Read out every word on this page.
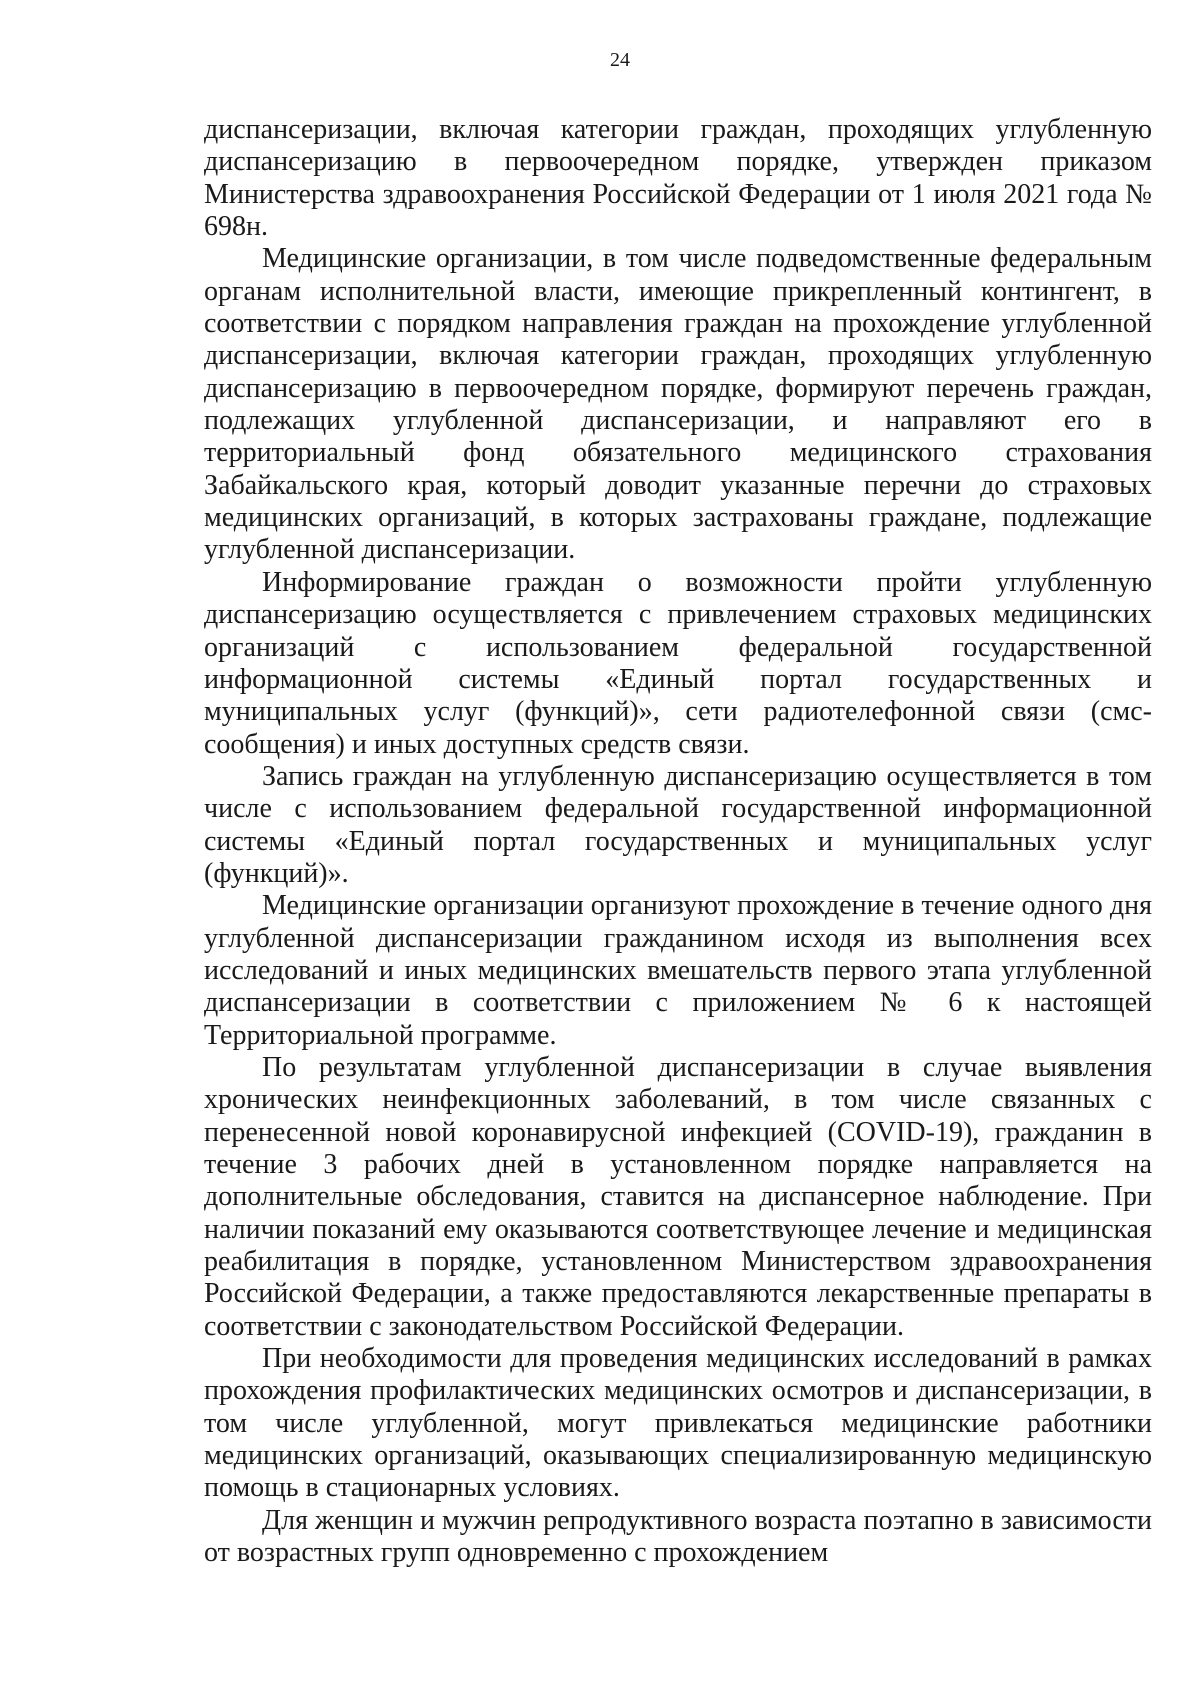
24

диспансеризации, включая категории граждан, проходящих углубленную диспансеризацию в первоочередном порядке, утвержден приказом Министерства здравоохранения Российской Федерации от 1 июля 2021 года № 698н.

Медицинские организации, в том числе подведомственные федеральным органам исполнительной власти, имеющие прикрепленный контингент, в соответствии с порядком направления граждан на прохождение углубленной диспансеризации, включая категории граждан, проходящих углубленную диспансеризацию в первоочередном порядке, формируют перечень граждан, подлежащих углубленной диспансеризации, и направляют его в территориальный фонд обязательного медицинского страхования Забайкальского края, который доводит указанные перечни до страховых медицинских организаций, в которых застрахованы граждане, подлежащие углубленной диспансеризации.

Информирование граждан о возможности пройти углубленную диспансеризацию осуществляется с привлечением страховых медицинских организаций с использованием федеральной государственной информационной системы «Единый портал государственных и муниципальных услуг (функций)», сети радиотелефонной связи (смс-сообщения) и иных доступных средств связи.

Запись граждан на углубленную диспансеризацию осуществляется в том числе с использованием федеральной государственной информационной системы «Единый портал государственных и муниципальных услуг (функций)».

Медицинские организации организуют прохождение в течение одного дня углубленной диспансеризации гражданином исходя из выполнения всех исследований и иных медицинских вмешательств первого этапа углубленной диспансеризации в соответствии с приложением № 6 к настоящей Территориальной программе.

По результатам углубленной диспансеризации в случае выявления хронических неинфекционных заболеваний, в том числе связанных с перенесенной новой коронавирусной инфекцией (COVID-19), гражданин в течение 3 рабочих дней в установленном порядке направляется на дополнительные обследования, ставится на диспансерное наблюдение. При наличии показаний ему оказываются соответствующее лечение и медицинская реабилитация в порядке, установленном Министерством здравоохранения Российской Федерации, а также предоставляются лекарственные препараты в соответствии с законодательством Российской Федерации.

При необходимости для проведения медицинских исследований в рамках прохождения профилактических медицинских осмотров и диспансеризации, в том числе углубленной, могут привлекаться медицинские работники медицинских организаций, оказывающих специализированную медицинскую помощь в стационарных условиях.

Для женщин и мужчин репродуктивного возраста поэтапно в зависимости от возрастных групп одновременно с прохождением
